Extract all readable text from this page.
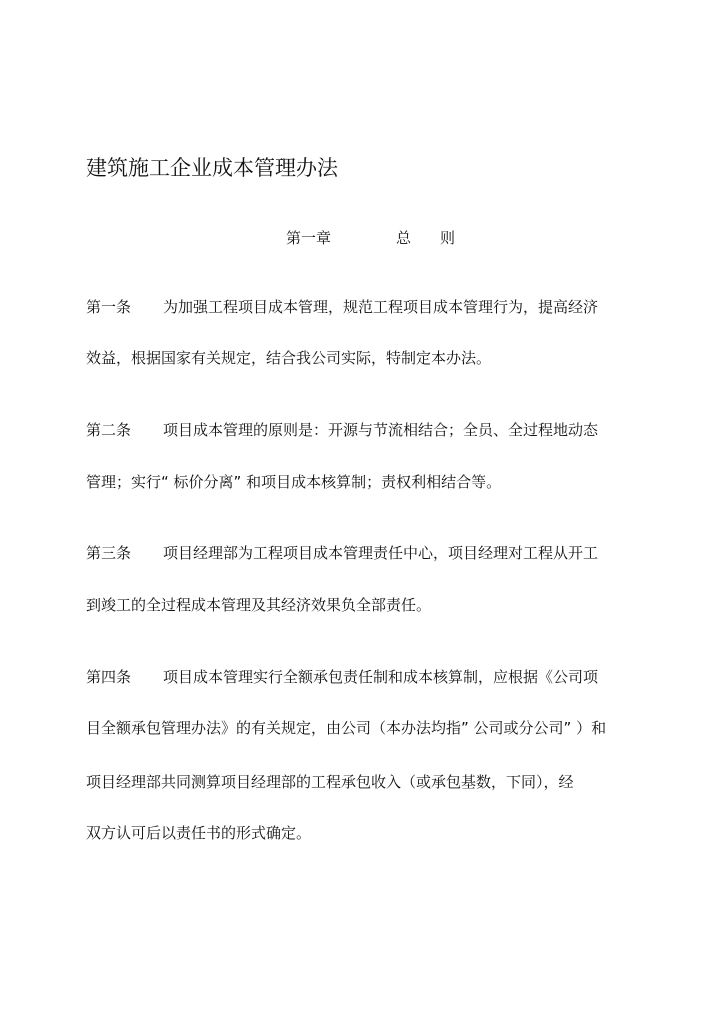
建筑施工企业成本管理办法
第一章	总 则
第一条 为加强工程项目成本管理，规范工程项目成本管理行为，提高经济
效益，根据国家有关规定，结合我公司实际，特制定本办法。
第二条 项目成本管理的原则是：开源与节流相结合；全员、全过程地动态
管理；实行“ 标价分离” 和项目成本核算制；责权利相结合等。
第三条 项目经理部为工程项目成本管理责任中心，项目经理对工程从开工
到竣工的全过程成本管理及其经济效果负全部责任。
第四条 项目成本管理实行全额承包责任制和成本核算制，应根据《公司项
目全额承包管理办法》的有关规定，由公司（本办法均指” 公司或分公司” ）和
项目经理部共同测算项目经理部的工程承包收入（或承包基数，下同），经
双方认可后以责任书的形式确定。
